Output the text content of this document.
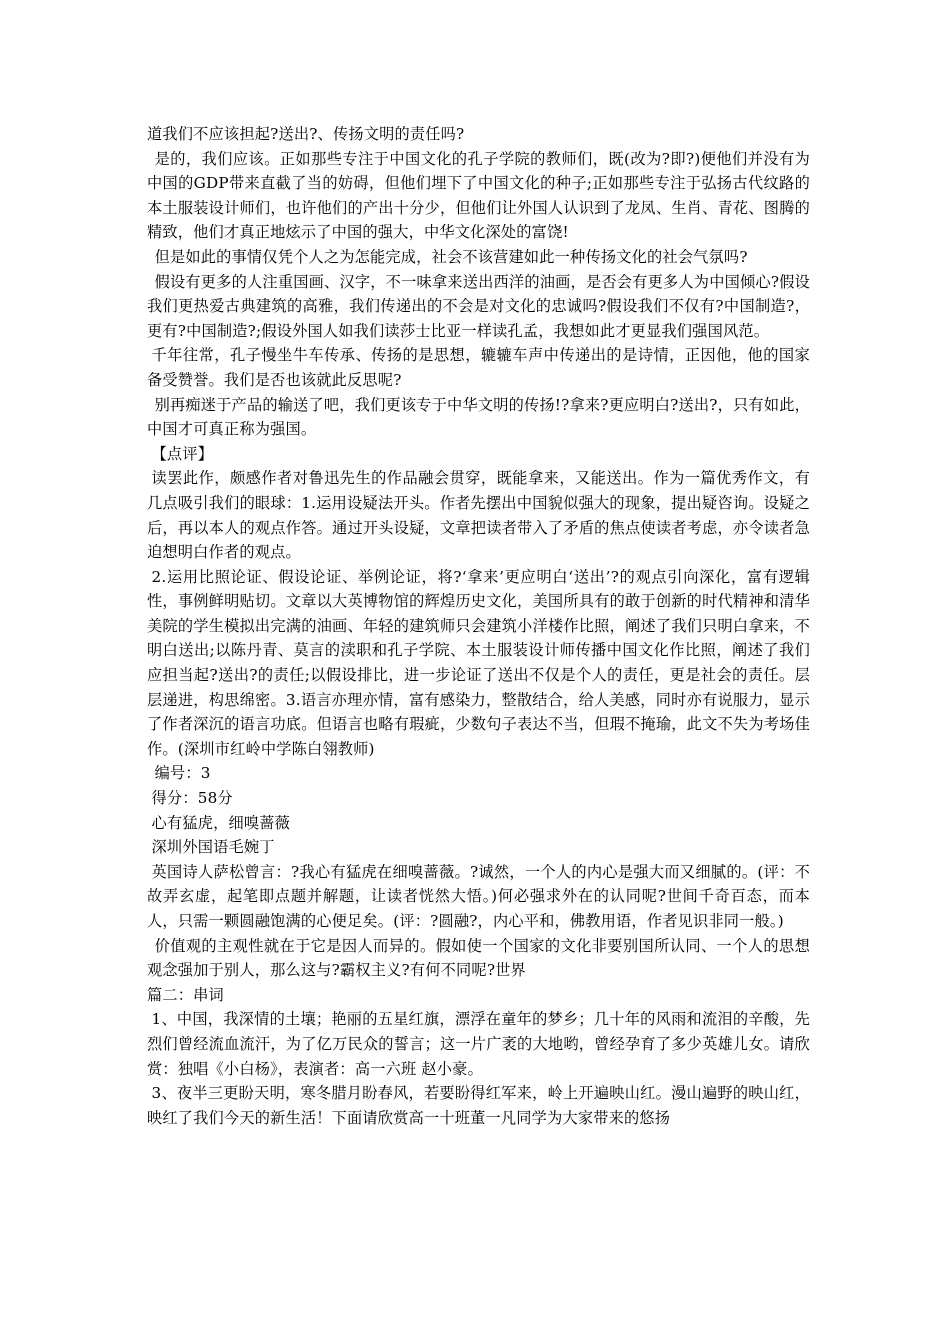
道我们不应该担起?送出?、传扬文明的责任吗?

是的，我们应该。正如那些专注于中国文化的孔子学院的教师们，既(改为?即?)便他们并没有为中国的GDP带来直截了当的妨碍，但他们埋下了中国文化的种子;正如那些专注于弘扬古代纹路的本土服装设计师们，也许他们的产出十分少，但他们让外国人认识到了龙凤、生肖、青花、图腾的精致，他们才真正地炫示了中国的强大，中华文化深处的富饶!

但是如此的事情仅凭个人之为怎能完成，社会不该营建如此一种传扬文化的社会气氛吗?

假设有更多的人注重国画、汉字，不一味拿来送出西洋的油画，是否会有更多人为中国倾心?假设我们更热爱古典建筑的高雅，我们传递出的不会是对文化的忠诚吗?假设我们不仅有?中国制造?，更有?中国制造?;假设外国人如我们读莎士比亚一样读孔孟，我想如此才更显我们强国风范。

千年往常，孔子慢坐牛车传承、传扬的是思想，辘辘车声中传递出的是诗情，正因他，他的国家备受赞誉。我们是否也该就此反思呢?

别再痴迷于产品的输送了吧，我们更该专于中华文明的传扬!?拿来?更应明白?送出?，只有如此，中国才可真正称为强国。

【点评】

读罢此作，颇感作者对鲁迅先生的作品融会贯穿，既能拿来，又能送出。作为一篇优秀作文，有几点吸引我们的眼球：1.运用设疑法开头。作者先摆出中国貌似强大的现象，提出疑咨询。设疑之后，再以本人的观点作答。通过开头设疑，文章把读者带入了矛盾的焦点使读者考虑，亦令读者急迫想明白作者的观点。

2.运用比照论证、假设论证、举例论证，将?‘拿来’更应明白‘送出’?的观点引向深化，富有逻辑性，事例鲜明贴切。文章以大英博物馆的辉煌历史文化，美国所具有的敢于创新的时代精神和清华美院的学生模拟出完满的油画、年轻的建筑师只会建筑小洋楼作比照，阐述了我们只明白拿来，不明白送出;以陈丹青、莫言的渎职和孔子学院、本土服装设计师传播中国文化作比照，阐述了我们应担当起?送出?的责任;以假设排比，进一步论证了送出不仅是个人的责任，更是社会的责任。层层递进，构思绵密。3.语言亦理亦情，富有感染力，整散结合，给人美感，同时亦有说服力，显示了作者深沉的语言功底。但语言也略有瑕疵，少数句子表达不当，但瑕不掩瑜，此文不失为考场佳作。(深圳市红岭中学陈白翎教师)

编号：3

得分：58分

心有猛虎，细嗅蔷薇

深圳外国语毛婉丁

英国诗人萨松曾言：?我心有猛虎在细嗅蔷薇。?诚然，一个人的内心是强大而又细腻的。(评：不故弄玄虚，起笔即点题并解题，让读者恍然大悟。)何必强求外在的认同呢?世间千奇百态，而本人，只需一颗圆融饱满的心便足矣。(评：?圆融?，内心平和，佛教用语，作者见识非同一般。)

价值观的主观性就在于它是因人而异的。假如使一个国家的文化非要别国所认同、一个人的思想观念强加于别人，那么这与?霸权主义?有何不同呢?世界

篇二：串词

1、中国，我深情的土壤；艳丽的五星红旗，漂浮在童年的梦乡；几十年的风雨和流泪的辛酸，先烈们曾经流血流汗，为了亿万民众的誓言；这一片广袤的大地哟，曾经孕育了多少英雄儿女。请欣赏：独唱《小白杨》，表演者：高一六班 赵小豪。

3、夜半三更盼天明，寒冬腊月盼春风，若要盼得红军来，岭上开遍映山红。漫山遍野的映山红，映红了我们今天的新生活！下面请欣赏高一十班董一凡同学为大家带来的悠扬
